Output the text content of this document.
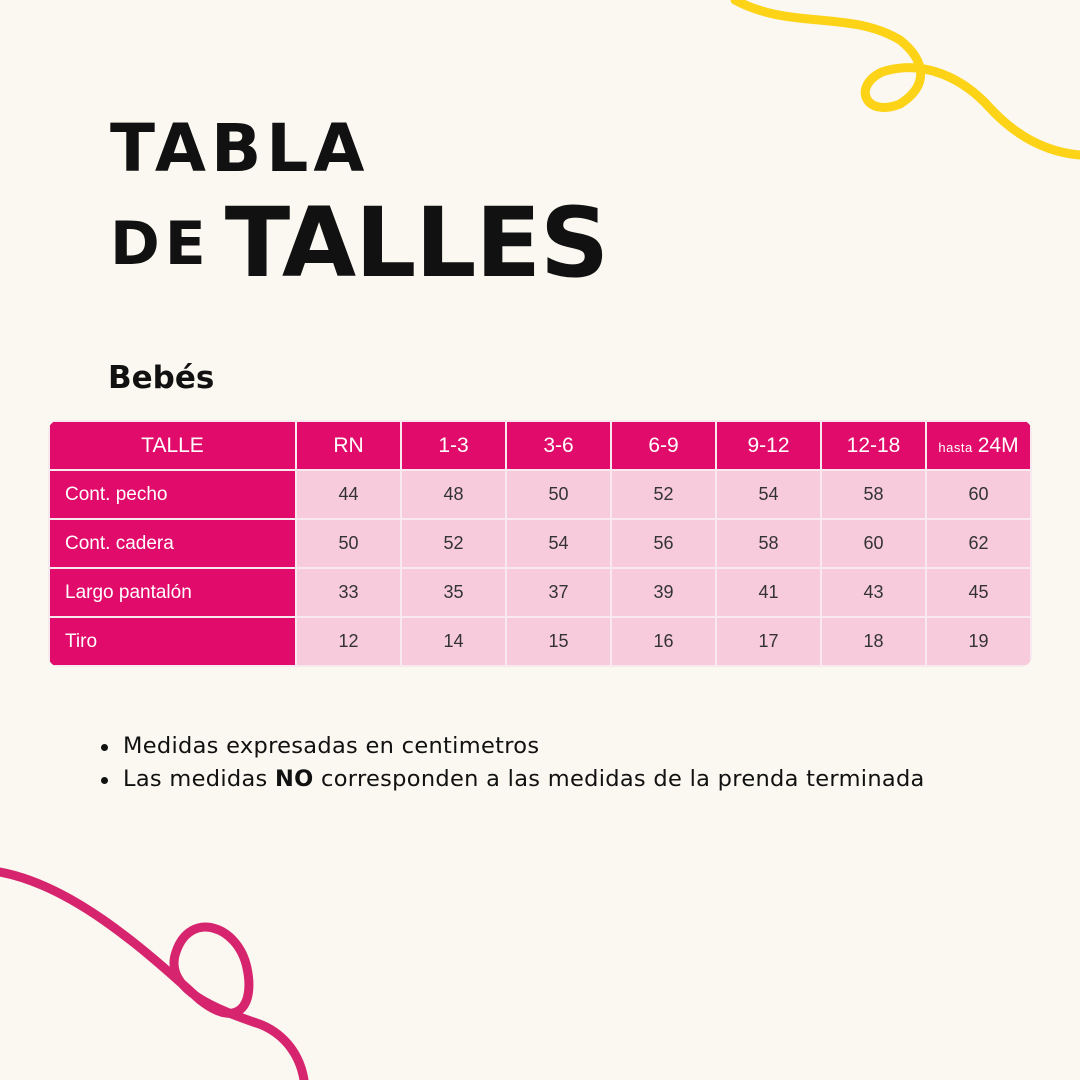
TABLA
DE TALLES
Bebés
TALLE	RN	1-3	3-6	6-9	9-12	12-18	hasta 24M
Cont. pecho	44	48	50	52	54	58	60
Cont. cadera	50	52	54	56	58	60	62
Largo pantalón	33	35	37	39	41	43	45
Tiro	12	14	15	16	17	18	19
Medidas expresadas en centimetros
Las medidas NO corresponden a las medidas de la prenda terminada
